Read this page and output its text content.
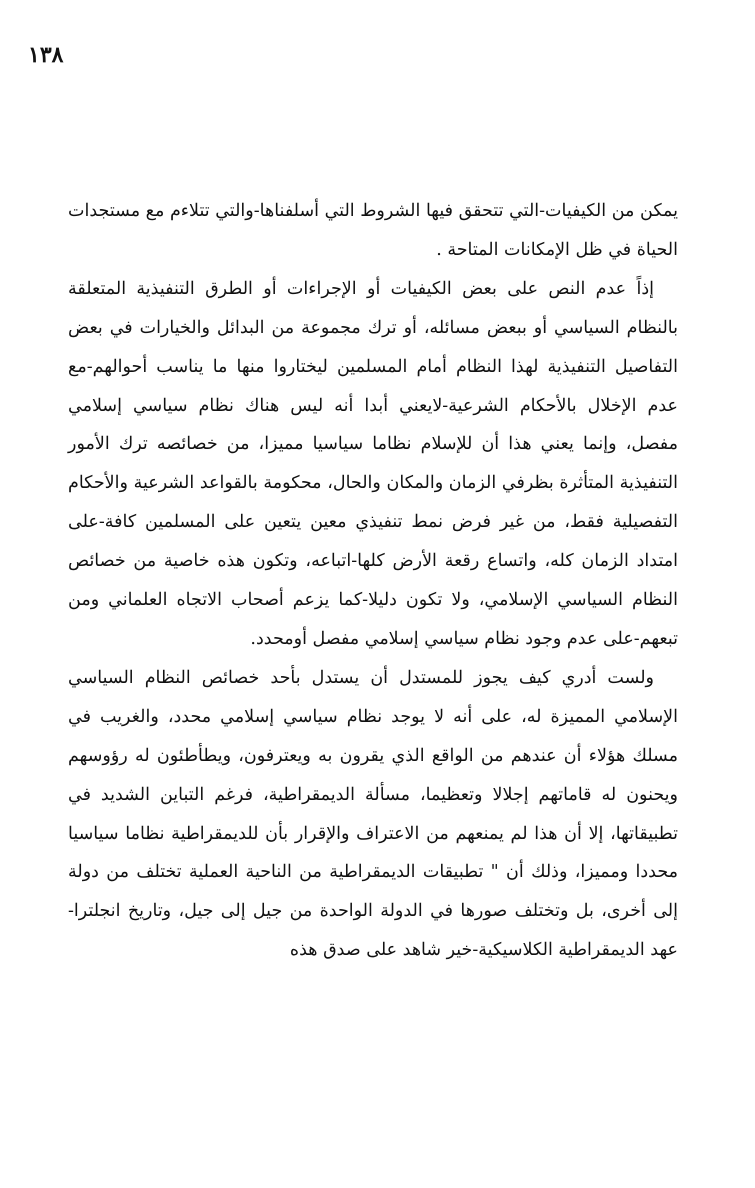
١٣٨

يمكن من الكيفيات-التي تتحقق فيها الشروط التي أسلفناها-والتي تتلاءم مع مستجدات الحياة في ظل الإمكانات المتاحة .

إذاً عدم النص على بعض الكيفيات أو الإجراءات أو الطرق التنفيذية المتعلقة بالنظام السياسي أو ببعض مسائله، أو ترك مجموعة من البدائل والخيارات في بعض التفاصيل التنفيذية لهذا النظام أمام المسلمين ليختاروا منها ما يناسب أحوالهم-مع عدم الإخلال بالأحكام الشرعية-لايعني أبدا أنه ليس هناك نظام سياسي إسلامي مفصل، وإنما يعني هذا أن للإسلام نظاما سياسيا مميزا، من خصائصه ترك الأمور التنفيذية المتأثرة بظرفي الزمان والمكان والحال، محكومة بالقواعد الشرعية والأحكام التفصيلية فقط، من غير فرض نمط تنفيذي معين يتعين على المسلمين كافة-على امتداد الزمان كله، واتساع رقعة الأرض كلها-اتباعه، وتكون هذه خاصية من خصائص النظام السياسي الإسلامي، ولا تكون دليلا-كما يزعم أصحاب الاتجاه العلماني ومن تبعهم-على عدم وجود نظام سياسي إسلامي مفصل أومحدد.

ولست أدري كيف يجوز للمستدل أن يستدل بأحد خصائص النظام السياسي الإسلامي المميزة له، على أنه لا يوجد نظام سياسي إسلامي محدد، والغريب في مسلك هؤلاء أن عندهم من الواقع الذي يقرون به ويعترفون، ويطأطئون له رؤوسهم ويحنون له قاماتهم إجلالا وتعظيما، مسألة الديمقراطية، فرغم التباين الشديد في تطبيقاتها، إلا أن هذا لم يمنعهم من الاعتراف والإقرار بأن للديمقراطية نظاما سياسيا محددا ومميزا، وذلك أن " تطبيقات الديمقراطية من الناحية العملية تختلف من دولة إلى أخرى، بل وتختلف صورها في الدولة الواحدة من جيل إلى جيل، وتاريخ انجلترا-عهد الديمقراطية الكلاسيكية-خير شاهد على صدق هذه
